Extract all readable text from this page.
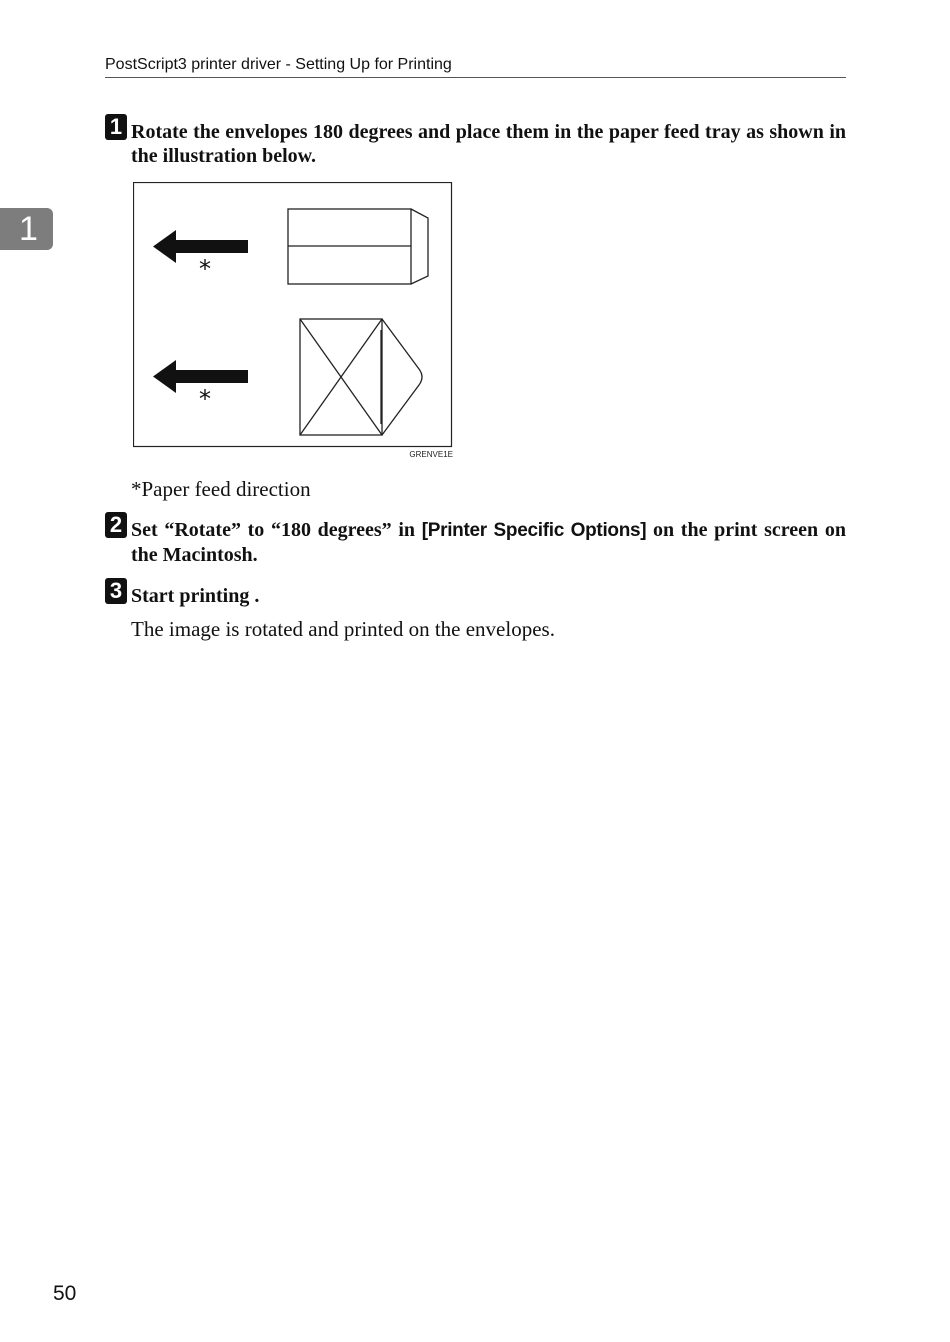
PostScript3 printer driver - Setting Up for Printing
1
1 Rotate the envelopes 180 degrees and place them in the paper feed tray as shown in the illustration below.
*
*
GRENVE1E
*Paper feed direction
2 Set “Rotate” to “180 degrees” in [Printer Specific Options] on the print screen on the Macintosh.
3 Start printing .
The image is rotated and printed on the envelopes.
50
